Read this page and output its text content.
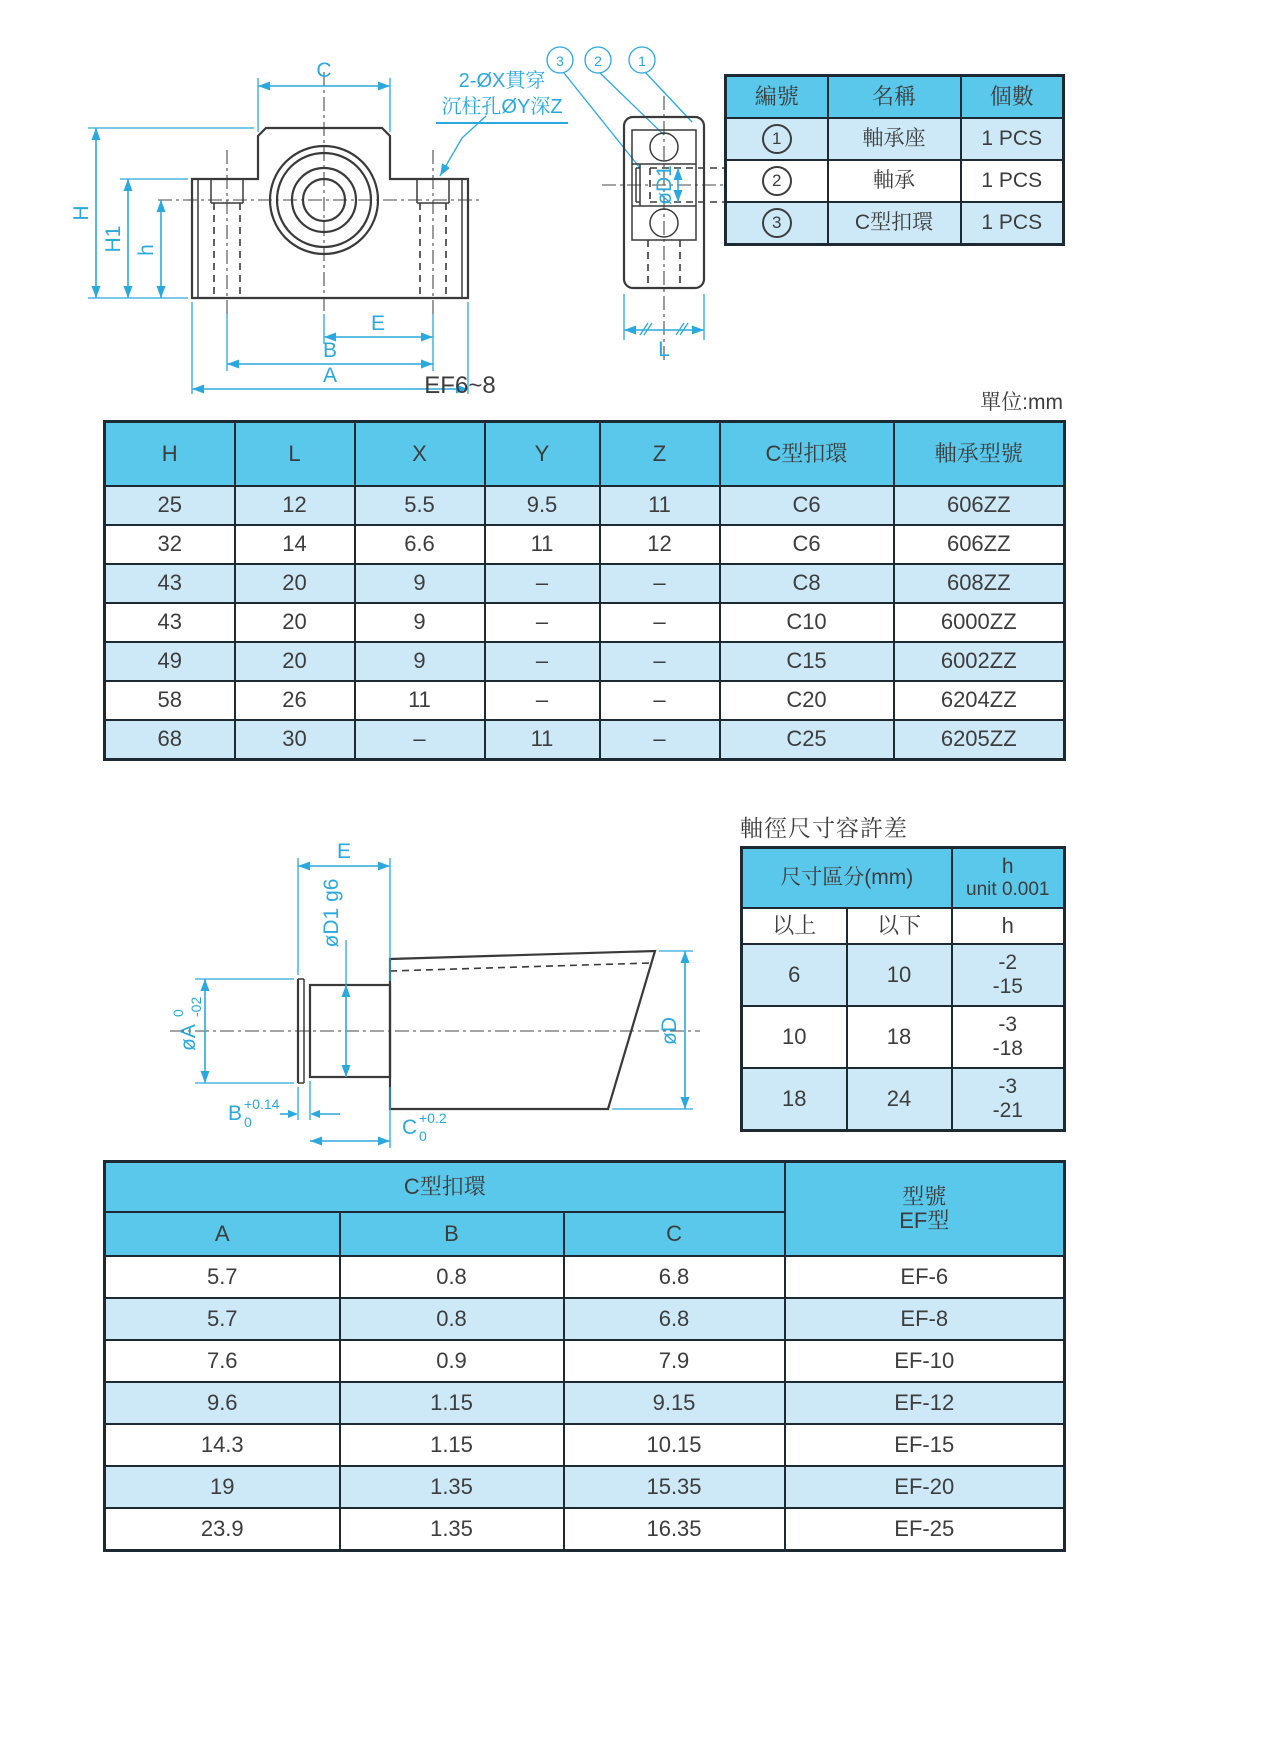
C
H
H1 h
E
B
A
2-ØX貫穿
沉柱孔ØY深Z
3 2	1
øD1
L
編號	名稱	個數
1	軸承座	1 PCS
2	軸承	1 PCS
3	C型扣環	1 PCS
EF6~8
單位:mm
H	L	X	Y	Z	C型扣環	軸承型號
25	12	5.5	9.5	11	C6	606ZZ
32	14	6.6	11	12	C6	606ZZ
43	20	9	–	–	C8	608ZZ
43	20	9	–	–	C10	6000ZZ
49	20	9	–	–	C15	6002ZZ
58	26	11	–	–	C20	6204ZZ
68	30	–	11	–	C25	6205ZZ
E
øD1 g6
øA
0 -02
B +0.14
0	C +0.2
0
øD
軸徑尺寸容許差
尺寸區分(mm)		h
unit 0.001

以上	以下	h
6	10	-2
-15

10	18	-3
-18

18	24	-3
-21
C型扣環			型號
EF型

A	B	C	
5.7	0.8	6.8	EF-6
5.7	0.8	6.8	EF-8
7.6	0.9	7.9	EF-10
9.6	1.15	9.15	EF-12
14.3	1.15	10.15	EF-15
19	1.35	15.35	EF-20
23.9	1.35	16.35	EF-25
